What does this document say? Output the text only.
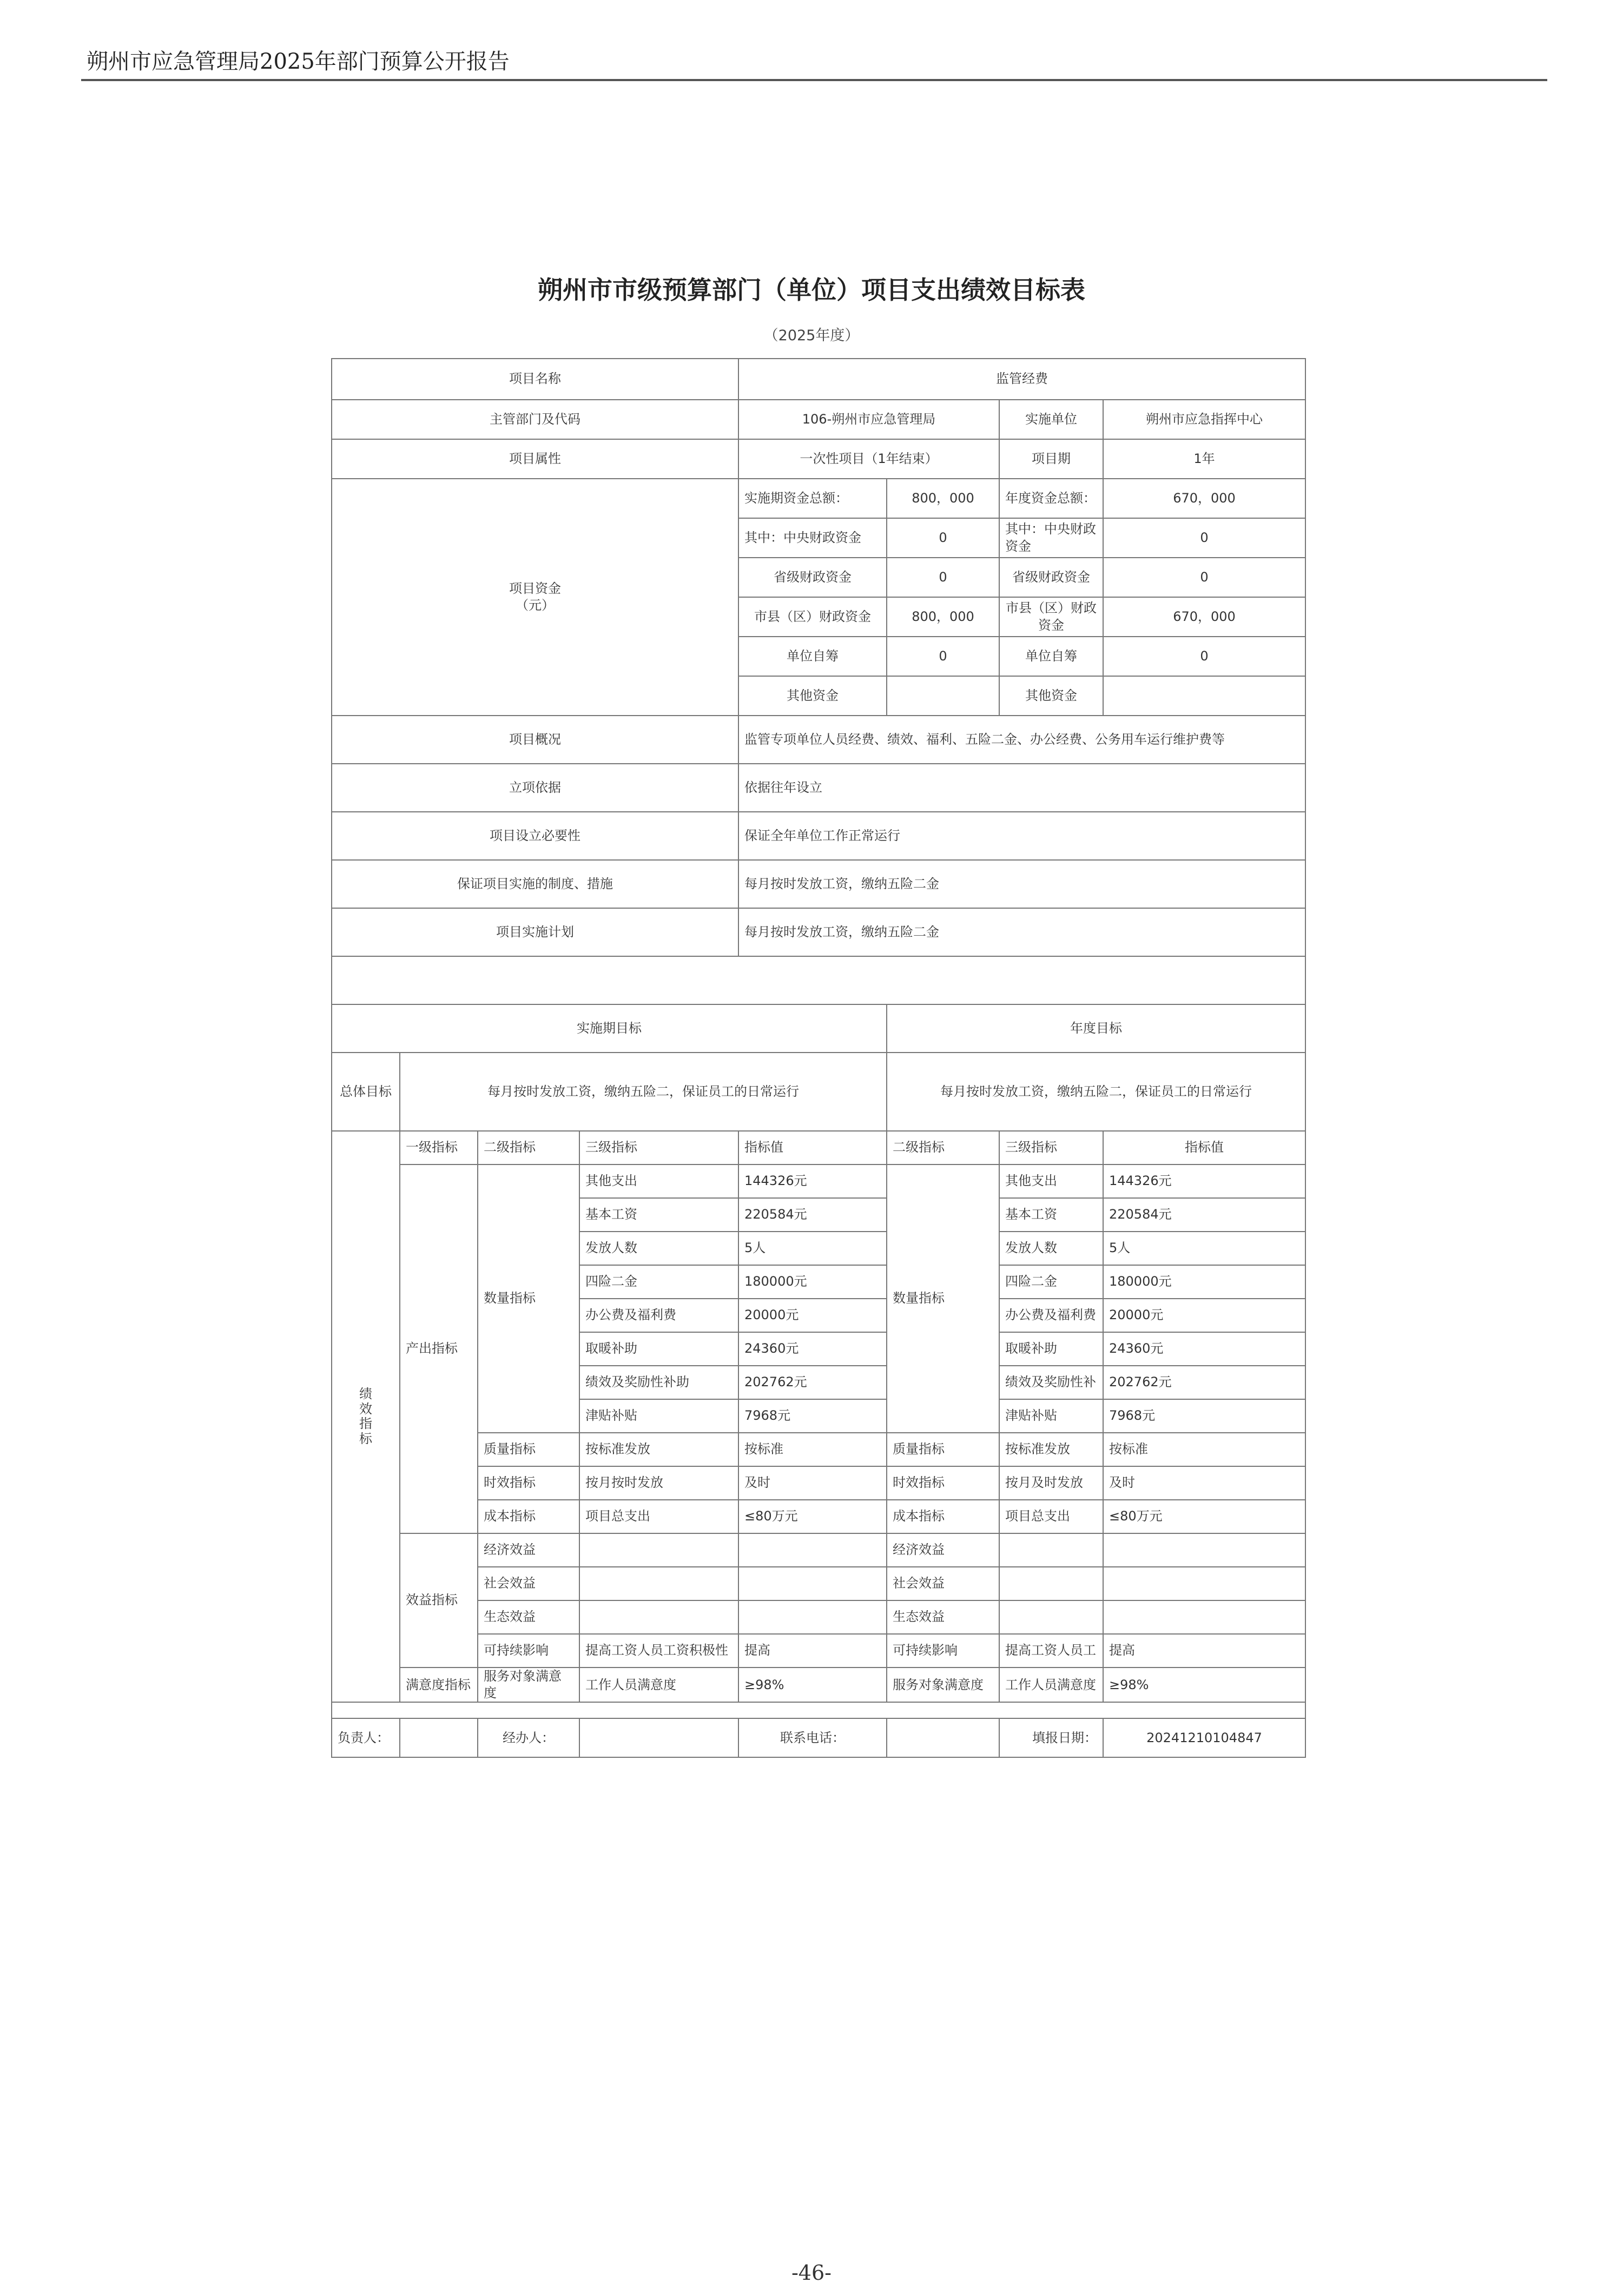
朔州市应急管理局2025年部门预算公开报告
朔州市市级预算部门（单位）项目支出绩效目标表
（2025年度）
项目名称				监管经费			
主管部门及代码				106-朔州市应急管理局		实施单位	朔州市应急指挥中心
项目属性				一次性项目（1年结束）		项目期	1年
项目资金
（元）				实施期资金总额：	800，000	年度资金总额：	670，000
				其中：中央财政资金	0	其中：中央财政资金	0
				省级财政资金	0	省级财政资金	0
				市县（区）财政资金	800，000	市县（区）财政资金	670，000
				单位自筹	0	单位自筹	0
				其他资金		其他资金	
项目概况				监管专项单位人员经费、绩效、福利、五险二金、办公经费、公务用车运行维护费等			
立项依据				依据往年设立			
项目设立必要性				保证全年单位工作正常运行			
保证项目实施的制度、措施				每月按时发放工资，缴纳五险二金			
项目实施计划				每月按时发放工资，缴纳五险二金			

实施期目标					年度目标		
总体目标	每月按时发放工资，缴纳五险二，保证员工的日常运行				每月按时发放工资，缴纳五险二，保证员工的日常运行		
绩
效
指
标	一级指标	二级指标	三级指标	指标值	二级指标	三级指标	指标值
	产出指标	数量指标	其他支出	144326元	数量指标	其他支出	144326元
			基本工资	220584元		基本工资	220584元
			发放人数	5人		发放人数	5人
			四险二金	180000元		四险二金	180000元
			办公费及福利费	20000元		办公费及福利费	20000元
			取暖补助	24360元		取暖补助	24360元
			绩效及奖励性补助	202762元		绩效及奖励性补	202762元
			津贴补贴	7968元		津贴补贴	7968元
		质量指标	按标准发放	按标准	质量指标	按标准发放	按标准
		时效指标	按月按时发放	及时	时效指标	按月及时发放	及时
		成本指标	项目总支出	≤80万元	成本指标	项目总支出	≤80万元
	效益指标	经济效益			经济效益		
		社会效益			社会效益		
		生态效益			生态效益		
		可持续影响	提高工资人员工资积极性	提高	可持续影响	提高工资人员工	提高
	满意度指标	服务对象满意度	工作人员满意度	≥98%	服务对象满意度	工作人员满意度	≥98%

负责人：		经办人：		联系电话：		填报日期：	20241210104847
-46-
